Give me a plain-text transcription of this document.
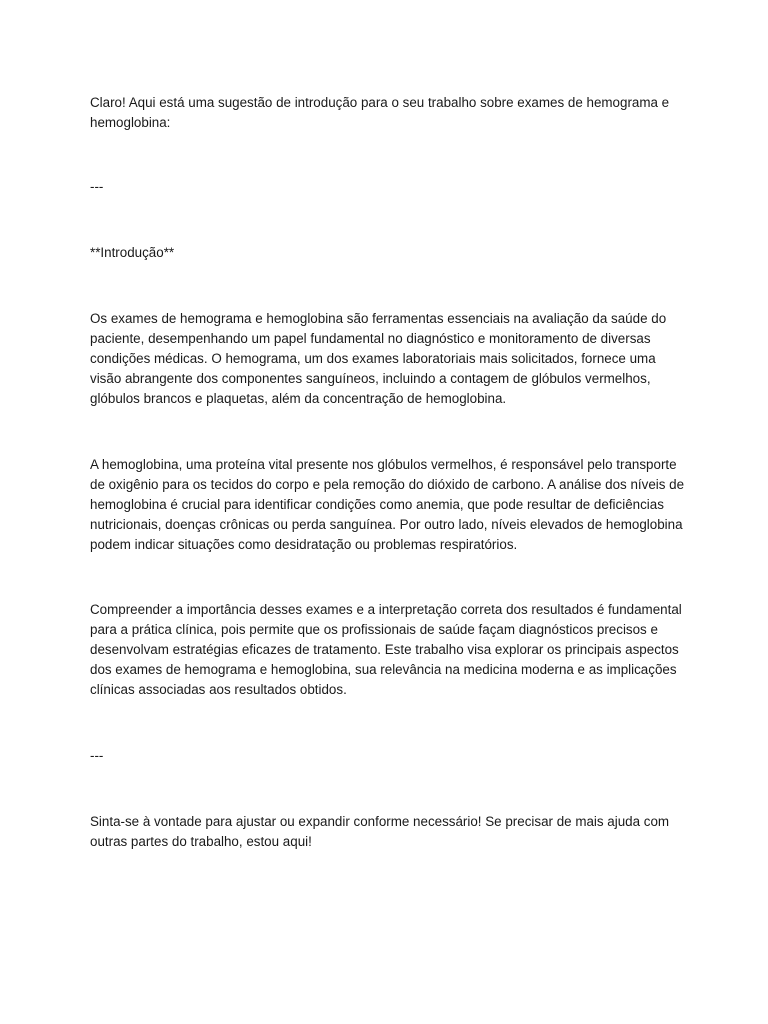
Claro! Aqui está uma sugestão de introdução para o seu trabalho sobre exames de hemograma e hemoglobina:

---

**Introdução**

Os exames de hemograma e hemoglobina são ferramentas essenciais na avaliação da saúde do paciente, desempenhando um papel fundamental no diagnóstico e monitoramento de diversas condições médicas. O hemograma, um dos exames laboratoriais mais solicitados, fornece uma visão abrangente dos componentes sanguíneos, incluindo a contagem de glóbulos vermelhos, glóbulos brancos e plaquetas, além da concentração de hemoglobina.

A hemoglobina, uma proteína vital presente nos glóbulos vermelhos, é responsável pelo transporte de oxigênio para os tecidos do corpo e pela remoção do dióxido de carbono. A análise dos níveis de hemoglobina é crucial para identificar condições como anemia, que pode resultar de deficiências nutricionais, doenças crônicas ou perda sanguínea. Por outro lado, níveis elevados de hemoglobina podem indicar situações como desidratação ou problemas respiratórios.

Compreender a importância desses exames e a interpretação correta dos resultados é fundamental para a prática clínica, pois permite que os profissionais de saúde façam diagnósticos precisos e desenvolvam estratégias eficazes de tratamento. Este trabalho visa explorar os principais aspectos dos exames de hemograma e hemoglobina, sua relevância na medicina moderna e as implicações clínicas associadas aos resultados obtidos.

---

Sinta-se à vontade para ajustar ou expandir conforme necessário! Se precisar de mais ajuda com outras partes do trabalho, estou aqui!
